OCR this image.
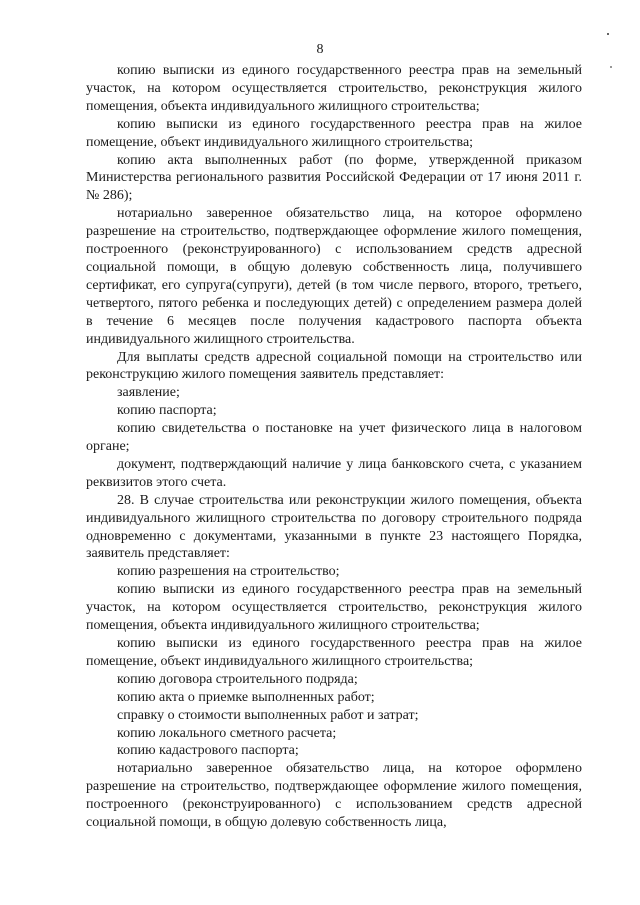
8

копию выписки из единого государственного реестра прав на земельный участок, на котором осуществляется строительство, реконструкция жилого помещения, объекта индивидуального жилищного строительства;

копию выписки из единого государственного реестра прав на жилое помещение, объект индивидуального жилищного строительства;

копию акта выполненных работ (по форме, утвержденной приказом Министерства регионального развития Российской Федерации от 17 июня 2011 г. № 286);

нотариально заверенное обязательство лица, на которое оформлено разрешение на строительство, подтверждающее оформление жилого помещения, построенного (реконструированного) с использованием средств адресной социальной помощи, в общую долевую собственность лица, получившего сертификат, его супруга(супруги), детей (в том числе первого, второго, третьего, четвертого, пятого ребенка и последующих детей) с определением размера долей в течение 6 месяцев после получения кадастрового паспорта объекта индивидуального жилищного строительства.

Для выплаты средств адресной социальной помощи на строительство или реконструкцию жилого помещения заявитель представляет:

заявление;

копию паспорта;

копию свидетельства о постановке на учет физического лица в налоговом органе;

документ, подтверждающий наличие у лица банковского счета, с указанием реквизитов этого счета.

28. В случае строительства или реконструкции жилого помещения, объекта индивидуального жилищного строительства по договору строительного подряда одновременно с документами, указанными в пункте 23 настоящего Порядка, заявитель представляет:

копию разрешения на строительство;

копию выписки из единого государственного реестра прав на земельный участок, на котором осуществляется строительство, реконструкция жилого помещения, объекта индивидуального жилищного строительства;

копию выписки из единого государственного реестра прав на жилое помещение, объект индивидуального жилищного строительства;

копию договора строительного подряда;

копию акта о приемке выполненных работ;

справку о стоимости выполненных работ и затрат;

копию локального сметного расчета;

копию кадастрового паспорта;

нотариально заверенное обязательство лица, на которое оформлено разрешение на строительство, подтверждающее оформление жилого помещения, построенного (реконструированного) с использованием средств адресной социальной помощи, в общую долевую собственность лица,
